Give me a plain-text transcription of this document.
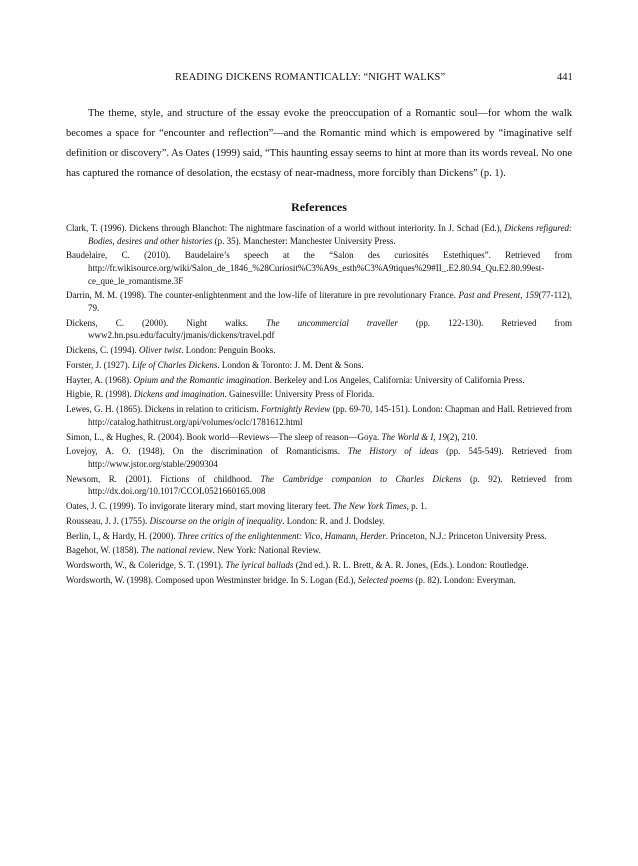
READING DICKENS ROMANTICALLY: “NIGHT WALKS”	441

The theme, style, and structure of the essay evoke the preoccupation of a Romantic soul—for whom the walk becomes a space for “encounter and reflection”—and the Romantic mind which is empowered by “imaginative self definition or discovery”. As Oates (1999) said, “This haunting essay seems to hint at more than its words reveal. No one has captured the romance of desolation, the ecstasy of near-madness, more forcibly than Dickens” (p. 1).

References

Clark, T. (1996). Dickens through Blanchot: The nightmare fascination of a world without interiority. In J. Schad (Ed.), Dickens refigured: Bodies, desires and other histories (p. 35). Manchester: Manchester University Press.

Baudelaire, C. (2010). Baudelaire’s speech at the “Salon des curiosités Estethiques”. Retrieved from http://fr.wikisource.org/wiki/Salon_de_1846_%28Curiosit%C3%A9s_esth%C3%A9tiques%29#II_.E2.80.94_Qu.E2.80.99est-ce_que_le_romantisme.3F

Darrin, M. M. (1998). The counter-enlightenment and the low-life of literature in pre revolutionary France. Past and Present, 159(77-112), 79.

Dickens, C. (2000). Night walks. The uncommercial traveller (pp. 122-130). Retrieved from www2.hn.psu.edu/faculty/jmanis/dickens/travel.pdf

Dickens, C. (1994). Oliver twist. London: Penguin Books.

Forster, J. (1927). Life of Charles Dickens. London & Toronto: J. M. Dent & Sons.

Hayter, A. (1968). Opium and the Romantic imagination. Berkeley and Los Angeles, California: University of California Press.

Higbie, R. (1998). Dickens and imagination. Gainesville: University Press of Florida.

Lewes, G. H. (1865). Dickens in relation to criticism. Fortnightly Review (pp. 69-70, 145-151). London: Chapman and Hall. Retrieved from http://catalog.hathitrust.org/api/volumes/oclc/1781612.html

Simon, L., & Hughes, R. (2004). Book world—Reviews—The sleep of reason—Goya. The World & I, 19(2), 210.

Lovejoy, A. O. (1948). On the discrimination of Romanticisms. The History of ideas (pp. 545-549). Retrieved from http://www.jstor.org/stable/2909304

Newsom, R. (2001). Fictions of childhood. The Cambridge companion to Charles Dickens (p. 92). Retrieved from http://dx.doi.org/10.1017/CCOL0521660165.008

Oates, J. C. (1999). To invigorate literary mind, start moving literary feet. The New York Times, p. 1.

Rousseau, J. J. (1755). Discourse on the origin of inequality. London: R. and J. Dodsley.

Berlin, I., & Hardy, H. (2000). Three critics of the enlightenment: Vico, Hamann, Herder. Princeton, N.J.: Princeton University Press.

Bagehot, W. (1858). The national review. New York: National Review.

Wordsworth, W., & Coleridge, S. T. (1991). The lyrical ballads (2nd ed.). R. L. Brett, & A. R. Jones, (Eds.). London: Routledge.

Wordsworth, W. (1998). Composed upon Westminster bridge. In S. Logan (Ed.), Selected poems (p. 82). London: Everyman.
